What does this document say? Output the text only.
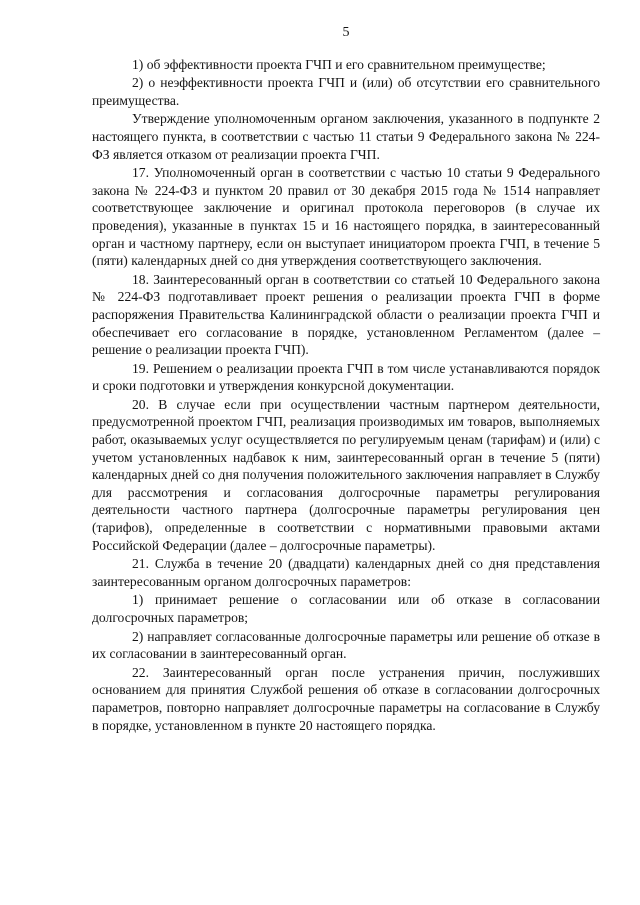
5

1) об эффективности проекта ГЧП и его сравнительном преимуществе;

2) о неэффективности проекта ГЧП и (или) об отсутствии его сравнительного преимущества.

Утверждение уполномоченным органом заключения, указанного в подпункте 2 настоящего пункта, в соответствии с частью 11 статьи 9 Федерального закона № 224-ФЗ является отказом от реализации проекта ГЧП.

17. Уполномоченный орган в соответствии с частью 10 статьи 9 Федерального закона № 224-ФЗ и пунктом 20 правил от 30 декабря 2015 года № 1514 направляет соответствующее заключение и оригинал протокола переговоров (в случае их проведения), указанные в пунктах 15 и 16 настоящего порядка, в заинтересованный орган и частному партнеру, если он выступает инициатором проекта ГЧП, в течение 5 (пяти) календарных дней со дня утверждения соответствующего заключения.

18. Заинтересованный орган в соответствии со статьей 10 Федерального закона № 224-ФЗ подготавливает проект решения о реализации проекта ГЧП в форме распоряжения Правительства Калининградской области о реализации проекта ГЧП и обеспечивает его согласование в порядке, установленном Регламентом (далее – решение о реализации проекта ГЧП).

19. Решением о реализации проекта ГЧП в том числе устанавливаются порядок и сроки подготовки и утверждения конкурсной документации.

20. В случае если при осуществлении частным партнером деятельности, предусмотренной проектом ГЧП, реализация производимых им товаров, выполняемых работ, оказываемых услуг осуществляется по регулируемым ценам (тарифам) и (или) с учетом установленных надбавок к ним, заинтересованный орган в течение 5 (пяти) календарных дней со дня получения положительного заключения направляет в Службу для рассмотрения и согласования долгосрочные параметры регулирования деятельности частного партнера (долгосрочные параметры регулирования цен (тарифов), определенные в соответствии с нормативными правовыми актами Российской Федерации (далее – долгосрочные параметры).

21. Служба в течение 20 (двадцати) календарных дней со дня представления заинтересованным органом долгосрочных параметров:

1) принимает решение о согласовании или об отказе в согласовании долгосрочных параметров;

2) направляет согласованные долгосрочные параметры или решение об отказе в их согласовании в заинтересованный орган.

22. Заинтересованный орган после устранения причин, послуживших основанием для принятия Службой решения об отказе в согласовании долгосрочных параметров, повторно направляет долгосрочные параметры на согласование в Службу в порядке, установленном в пункте 20 настоящего порядка.
